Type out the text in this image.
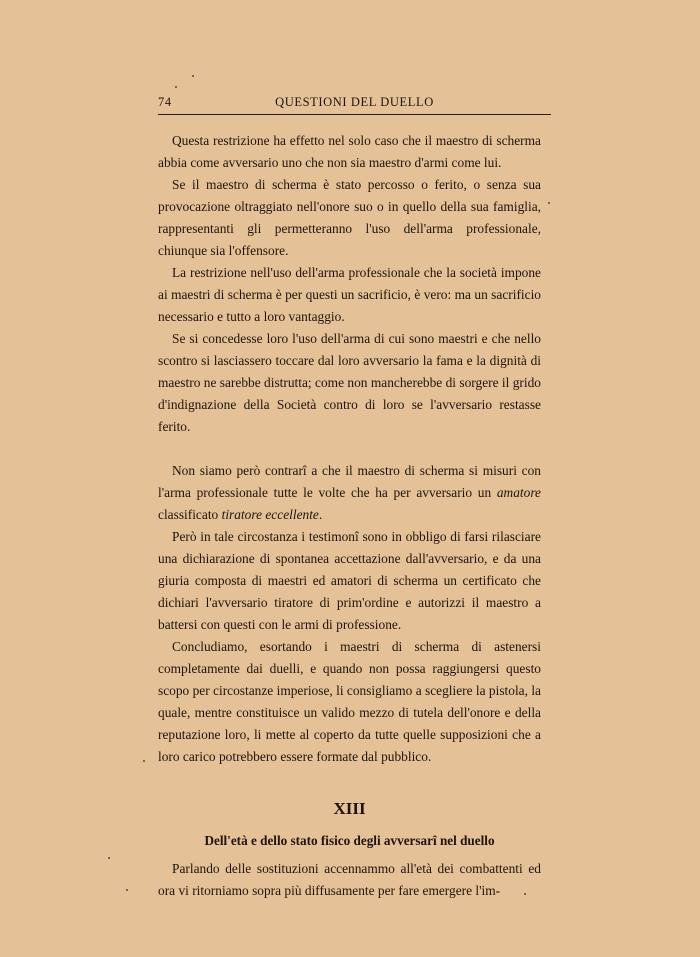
74	QUESTIONI DEL DUELLO

Questa restrizione ha effetto nel solo caso che il maestro di scherma abbia come avversario uno che non sia maestro d'armi come lui.

Se il maestro di scherma è stato percosso o ferito, o senza sua provocazione oltraggiato nell'onore suo o in quello della sua famiglia, rappresentanti gli permetteranno l'uso dell'arma professionale, chiunque sia l'offensore.

La restrizione nell'uso dell'arma professionale che la società impone ai maestri di scherma è per questi un sacrificio, è vero: ma un sacrificio necessario e tutto a loro vantaggio.

Se si concedesse loro l'uso dell'arma di cui sono maestri e che nello scontro si lasciassero toccare dal loro avversario la fama e la dignità di maestro ne sarebbe distrutta; come non mancherebbe di sorgere il grido d'indignazione della Società contro di loro se l'avversario restasse ferito.

Non siamo però contrarî a che il maestro di scherma si misuri con l'arma professionale tutte le volte che ha per avversario un amatore classificato tiratore eccellente.

Però in tale circostanza i testimonî sono in obbligo di farsi rilasciare una dichiarazione di spontanea accettazione dall'avversario, e da una giuria composta di maestri ed amatori di scherma un certificato che dichiari l'avversario tiratore di prim'ordine e autorizzi il maestro a battersi con questi con le armi di professione.

Concludiamo, esortando i maestri di scherma di astenersi completamente dai duelli, e quando non possa raggiungersi questo scopo per circostanze imperiose, li consigliamo a scegliere la pistola, la quale, mentre constituisce un valido mezzo di tutela dell'onore e della reputazione loro, li mette al coperto da tutte quelle supposizioni che a loro carico potrebbero essere formate dal pubblico.

XIII
Dell'età e dello stato fisico degli avversarî nel duello

Parlando delle sostituzioni accennammo all'età dei combattenti ed ora vi ritorniamo sopra più diffusamente per fare emergere l'im-
